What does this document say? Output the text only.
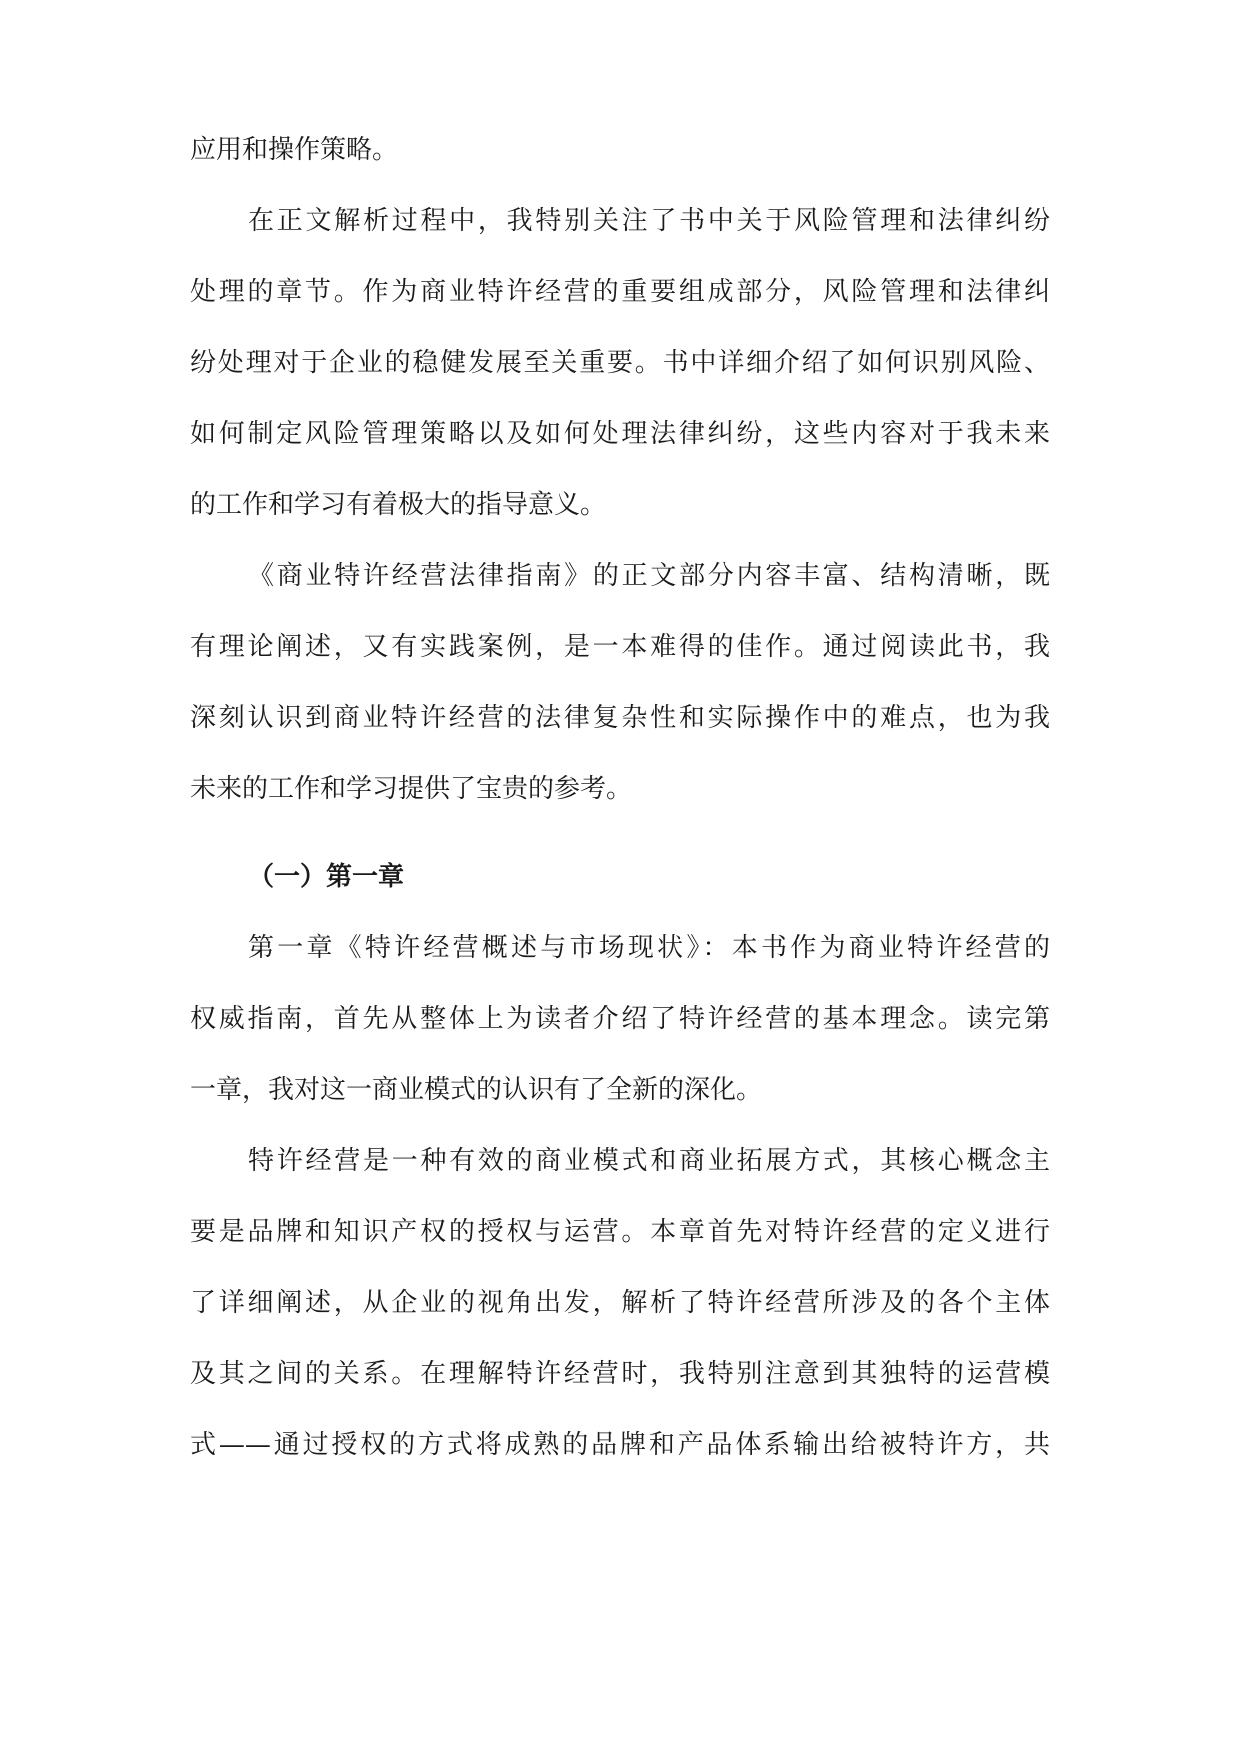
应用和操作策略。
在正文解析过程中，我特别关注了书中关于风险管理和法律纠纷
处理的章节。作为商业特许经营的重要组成部分，风险管理和法律纠
纷处理对于企业的稳健发展至关重要。书中详细介绍了如何识别风险、
如何制定风险管理策略以及如何处理法律纠纷，这些内容对于我未来
的工作和学习有着极大的指导意义。
《商业特许经营法律指南》的正文部分内容丰富、结构清晰，既
有理论阐述，又有实践案例，是一本难得的佳作。通过阅读此书，我
深刻认识到商业特许经营的法律复杂性和实际操作中的难点，也为我
未来的工作和学习提供了宝贵的参考。
（一）第一章
第一章《特许经营概述与市场现状》：本书作为商业特许经营的
权威指南，首先从整体上为读者介绍了特许经营的基本理念。读完第
一章，我对这一商业模式的认识有了全新的深化。
特许经营是一种有效的商业模式和商业拓展方式，其核心概念主
要是品牌和知识产权的授权与运营。本章首先对特许经营的定义进行
了详细阐述，从企业的视角出发，解析了特许经营所涉及的各个主体
及其之间的关系。在理解特许经营时，我特别注意到其独特的运营模
式——通过授权的方式将成熟的品牌和产品体系输出给被特许方，共
